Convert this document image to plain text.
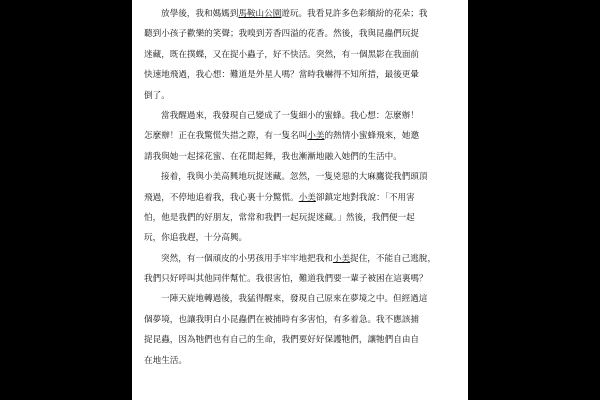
放學後，我和媽媽到馬鞍山公園遊玩。我看見許多色彩繽紛的花朵；我
聽到小孩子歡樂的笑聲；我嗅到芳香四溢的花香。然後，我與昆蟲們玩捉
迷藏，既在撲蝶，又在捉小蟲子，好不快活。突然，有一個黑影在我面前
快速地飛過，我心想：難道是外星人嗎？當時我嚇得不知所措，最後更暈
倒了。

當我醒過來，我發現自己變成了一隻細小的蜜蜂。我心想：怎麼辦！
怎麼辦！正在我驚慌失措之際，有一隻名叫小美的熱情小蜜蜂飛來，她邀
請我與她一起採花蜜、在花間起舞，我也漸漸地融入她們的生活中。

接着，我與小美高興地玩捉迷藏。忽然，一隻兇惡的大麻鷹從我們頭頂
飛過，不停地追着我，我心裏十分驚慌。小美卻鎮定地對我說：「不用害
怕，他是我們的好朋友，常常和我們一起玩捉迷藏。」然後，我們便一起
玩，你追我趕，十分高興。

突然，有一個頑皮的小男孩用手牢牢地把我和小美捉住，不能自己逃脫，
我們只好呼叫其他同伴幫忙。我很害怕，難道我們要一輩子被困在這裏嗎？

一陣天旋地轉過後，我猛得醒來，發現自己原來在夢境之中。但經過這
個夢境，也讓我明白小昆蟲們在被捕時有多害怕，有多着急。我不應該捕
捉昆蟲，因為牠們也有自己的生命，我們要好好保護牠們，讓牠們自由自
在地生活。
